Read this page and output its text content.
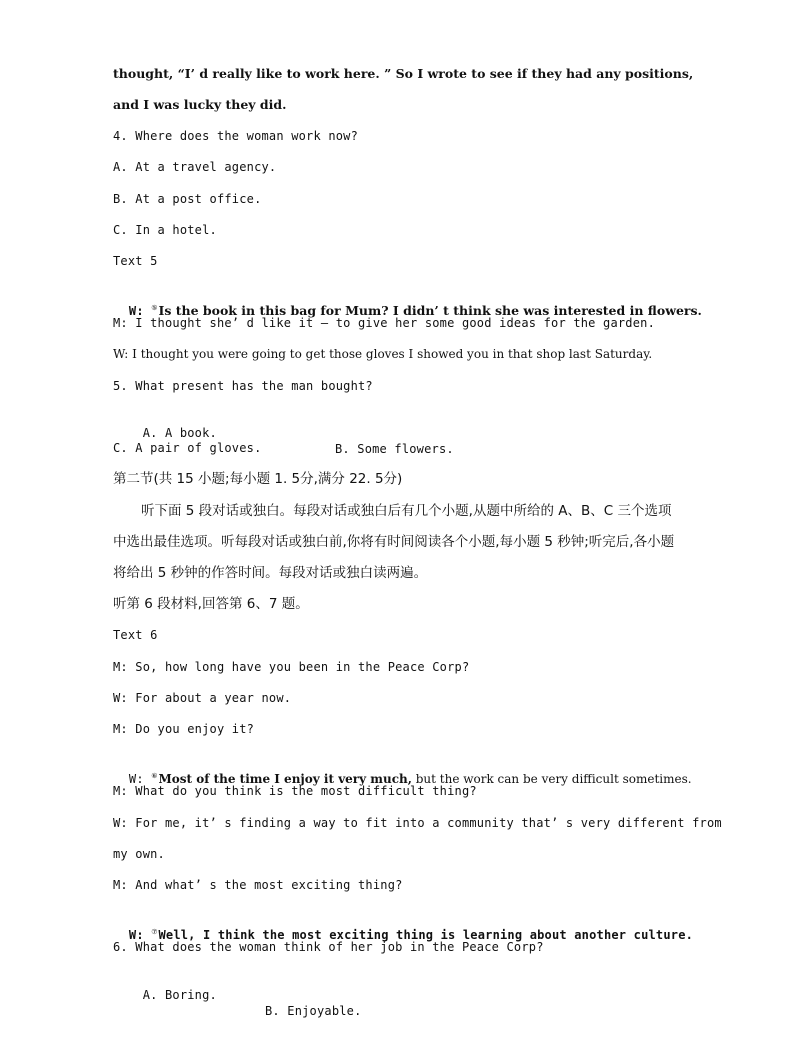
thought, “I’ d really like to work here. ” So I wrote to see if they had any positions,
and I was lucky they did.
4. Where does the woman work now?
A. At a travel agency.
B. At a post office.
C. In a hotel.
Text 5

W: ⑤Is the book in this bag for Mum? I didn’ t think she was interested in flowers.

M: I thought she’ d like it — to give her some good ideas for the garden.
W: I thought you were going to get those gloves I showed you in that shop last Saturday.
5. What present has the man bought?

A. A book.

B. Some flowers.

C. A pair of gloves.
第二节(共 15 小题;每小题 1. 5分,满分 22. 5分)
听下面 5 段对话或独白。每段对话或独白后有几个小题,从题中所给的 A、B、C 三个选项中选出最佳选项。听每段对话或独白前,你将有时间阅读各个小题,每小题 5 秒钟;听完后,各小题将给出 5 秒钟的作答时间。每段对话或独白读两遍。
听第 6 段材料,回答第 6、7 题。
Text 6
M: So, how long have you been in the Peace Corp?
W: For about a year now.
M: Do you enjoy it?

W: ⑥Most of the time I enjoy it very much, but the work can be very difficult sometimes.

M: What do you think is the most difficult thing?
W: For me, it’ s finding a way to fit into a community that’ s very different from
my own.
M: And what’ s the most exciting thing?

W: ⑦Well, I think the most exciting thing is learning about another culture.

6. What does the woman think of her job in the Peace Corp?

A. Boring.

B. Enjoyable.
